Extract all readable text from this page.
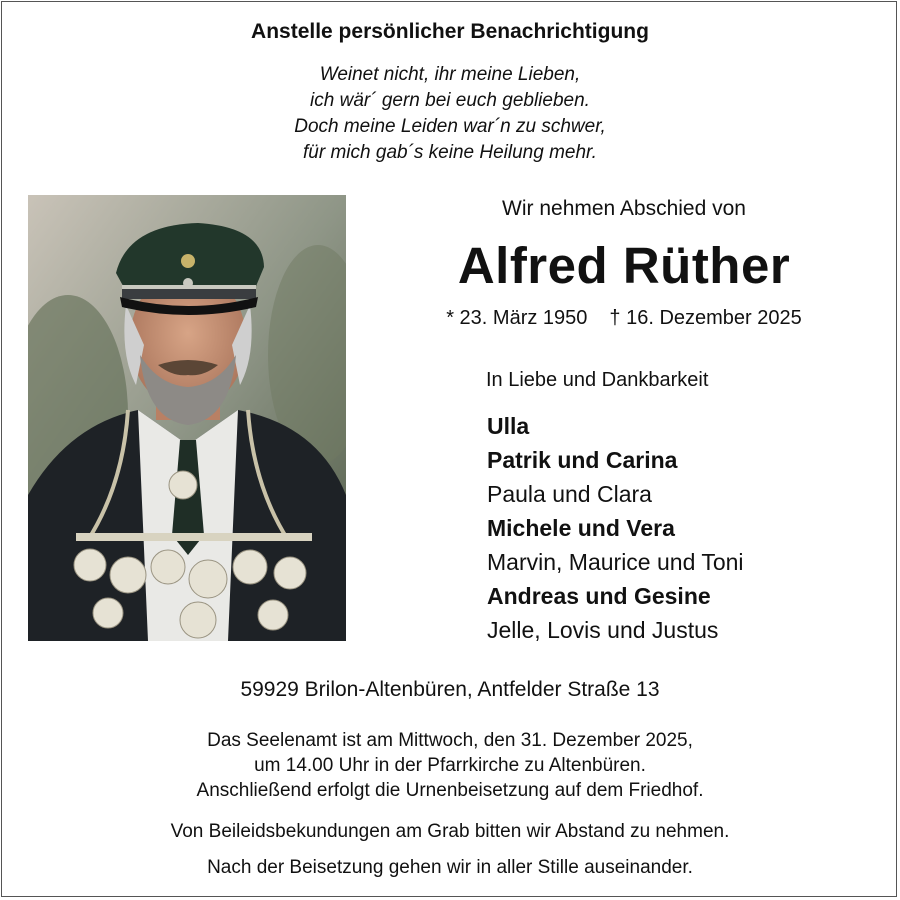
Anstelle persönlicher Benachrichtigung
Weinet nicht, ihr meine Lieben,
ich wär´ gern bei euch geblieben.
Doch meine Leiden war´n zu schwer,
für mich gab´s keine Heilung mehr.
Wir nehmen Abschied von
Alfred Rüther
* 23. März 1950 † 16. Dezember 2025
In Liebe und Dankbarkeit
Ulla
Patrik und Carina
Paula und Clara
Michele und Vera
Marvin, Maurice und Toni
Andreas und Gesine
Jelle, Lovis und Justus
59929 Brilon-Altenbüren, Antfelder Straße 13
Das Seelenamt ist am Mittwoch, den 31. Dezember 2025,
um 14.00 Uhr in der Pfarrkirche zu Altenbüren.
Anschließend erfolgt die Urnenbeisetzung auf dem Friedhof.
Von Beileidsbekundungen am Grab bitten wir Abstand zu nehmen.
Nach der Beisetzung gehen wir in aller Stille auseinander.
